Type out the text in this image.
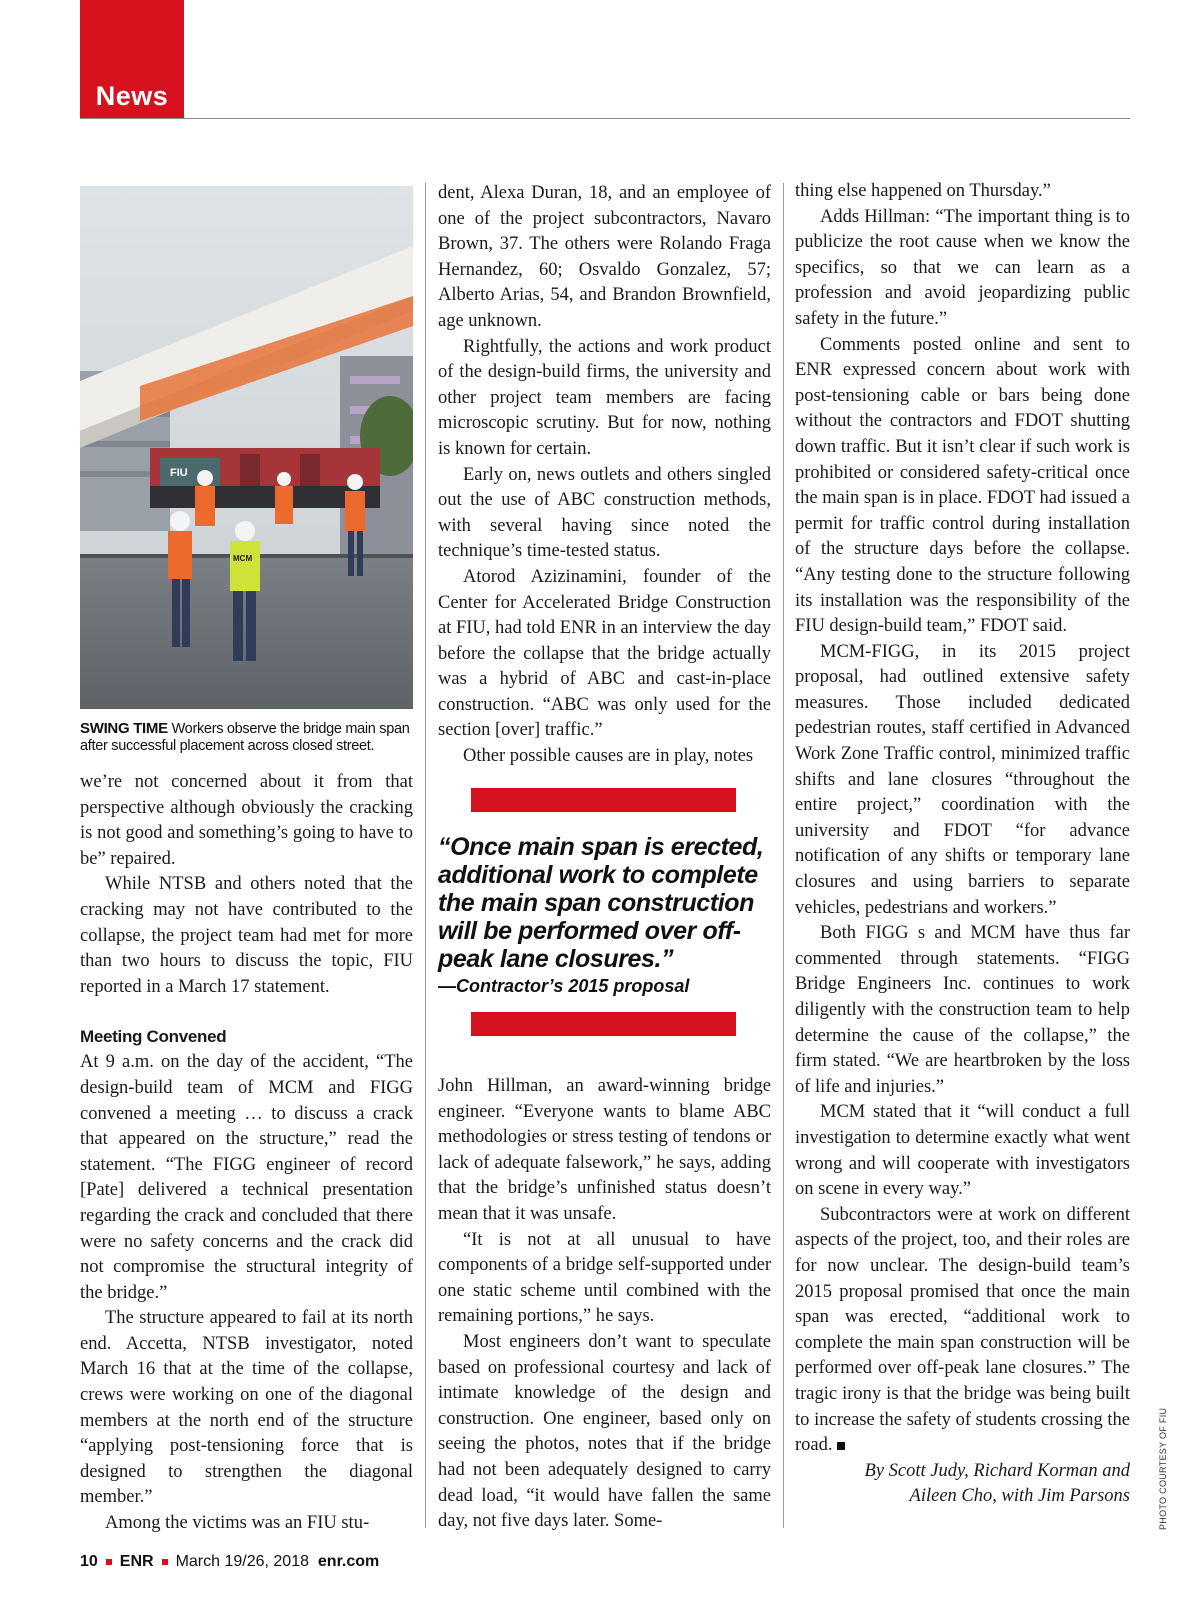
News
FIU
MCM
SWING TIME Workers observe the bridge main span after successful placement across closed street.

we’re not concerned about it from that perspective although obviously the cracking is not good and something’s going to have to be” repaired.

While NTSB and others noted that the cracking may not have contributed to the collapse, the project team had met for more than two hours to discuss the topic, FIU reported in a March 17 statement.

Meeting Convened

At 9 a.m. on the day of the accident, “The design-build team of MCM and FIGG convened a meeting … to discuss a crack that appeared on the structure,” read the statement. “The FIGG engineer of record [Pate] delivered a technical presentation regarding the crack and concluded that there were no safety concerns and the crack did not compromise the structural integrity of the bridge.”

The structure appeared to fail at its north end. Accetta, NTSB investigator, noted March 16 that at the time of the collapse, crews were working on one of the diagonal members at the north end of the structure “applying post-tensioning force that is designed to strengthen the diagonal member.”

Among the victims was an FIU stu-

dent, Alexa Duran, 18, and an employee of one of the project subcontractors, Navaro Brown, 37. The others were Rolando Fraga Hernandez, 60; Osvaldo Gonzalez, 57; Alberto Arias, 54, and Brandon Brownfield, age unknown.

Rightfully, the actions and work product of the design-build firms, the university and other project team members are facing microscopic scrutiny. But for now, nothing is known for certain.

Early on, news outlets and others singled out the use of ABC construction methods, with several having since noted the technique’s time-tested status.

Atorod Azizinamini, founder of the Center for Accelerated Bridge Construction at FIU, had told ENR in an interview the day before the collapse that the bridge actually was a hybrid of ABC and cast-in-place construction. “ABC was only used for the section [over] traffic.”

Other possible causes are in play, notes

“Once main span is erected, additional work to complete the main span construction will be performed over off-peak lane closures.”
—Contractor’s 2015 proposal

John Hillman, an award-winning bridge engineer. “Everyone wants to blame ABC methodologies or stress testing of tendons or lack of adequate falsework,” he says, adding that the bridge’s unfinished status doesn’t mean that it was unsafe.

“It is not at all unusual to have components of a bridge self-supported under one static scheme until combined with the remaining portions,” he says.

Most engineers don’t want to speculate based on professional courtesy and lack of intimate knowledge of the design and construction. One engineer, based only on seeing the photos, notes that if the bridge had not been adequately designed to carry dead load, “it would have fallen the same day, not five days later. Some-

thing else happened on Thursday.”

Adds Hillman: “The important thing is to publicize the root cause when we know the specifics, so that we can learn as a profession and avoid jeopardizing public safety in the future.”

Comments posted online and sent to ENR expressed concern about work with post-tensioning cable or bars being done without the contractors and FDOT shutting down traffic. But it isn’t clear if such work is prohibited or considered safety-critical once the main span is in place. FDOT had issued a permit for traffic control during installation of the structure days before the collapse. “Any testing done to the structure following its installation was the responsibility of the FIU design-build team,” FDOT said.

MCM-FIGG, in its 2015 project proposal, had outlined extensive safety measures. Those included dedicated pedestrian routes, staff certified in Advanced Work Zone Traffic control, minimized traffic shifts and lane closures “throughout the entire project,” coordination with the university and FDOT “for advance notification of any shifts or temporary lane closures and using barriers to separate vehicles, pedestrians and workers.”

Both FIGG s and MCM have thus far commented through statements. “FIGG Bridge Engineers Inc. continues to work diligently with the construction team to help determine the cause of the collapse,” the firm stated. “We are heartbroken by the loss of life and injuries.”

MCM stated that it “will conduct a full investigation to determine exactly what went wrong and will cooperate with investigators on scene in every way.”

Subcontractors were at work on different aspects of the project, too, and their roles are for now unclear. The design-build team’s 2015 proposal promised that once the main span was erected, “additional work to complete the main span construction will be performed over off-peak lane closures.” The tragic irony is that the bridge was being built to increase the safety of students crossing the road.

By Scott Judy, Richard Korman and

Aileen Cho, with Jim Parsons	PHOTO COURTESY OF FIU
10 ENR March 19/26, 2018 enr.com
